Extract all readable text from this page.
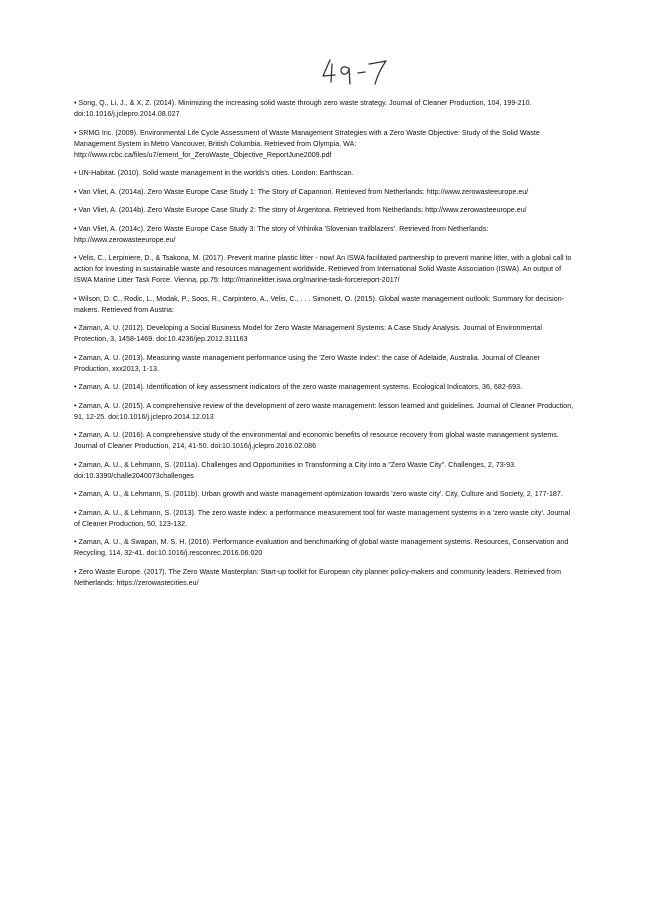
• Song, Q., Li, J., & X, Z. (2014). Minimizing the increasing solid waste through zero waste strategy. Journal of Cleaner Production, 104, 199-210. doi:10.1016/j.jclepro.2014.08.027
• SRMG Inc. (2009). Environmental Life Cycle Assessment of Waste Management Strategies with a Zero Waste Objective: Study of the Solid Waste Management System in Metro Vancouver, British Columbia. Retrieved from Olympia, WA: http://www.rcbc.ca/files/u7/ement_for_ZeroWaste_Objective_ReportJune2009.pdf
• UN-Habitat. (2010). Solid waste management in the worlds's cities. London: Earthscan.
• Van Vliet, A. (2014a). Zero Waste Europe Case Study 1: The Story of Capannori. Retrieved from Netherlands: http://www.zerowasteeurope.eu/
• Van Vliet, A. (2014b). Zero Waste Europe Case Study 2: The story of Argentona. Retrieved from Netherlands: http://www.zerowasteeurope.eu/
• Van Vliet, A. (2014c). Zero Waste Europe Case Study 3: The story of Vrhinika 'Slovenian trailblazers'. Retrieved from Netherlands: http://www.zerowasteeurope.eu/
• Velis, C., Lerpiniere, D., & Tsakona, M. (2017). Prevent marine plastic litter - now! An ISWA facilitated partnership to prevent marine litter, with a global call to action for investing in sustainable waste and resources management worldwide. Retrieved from International Solid Waste Association (ISWA). An output of ISWA Marine Litter Task Force. Vienna, pp.75: http://marinelitter.iswa.org/marine-task-forcereport-2017/
• Wilson, D. C., Rodic, L., Modak, P., Soos, R., Carpintero, A., Velis, C., . . . Simonett, O. (2015). Global waste management outlook: Summary for decision-makers. Retrieved from Austria:
• Zaman, A. U. (2012). Developing a Social Business Model for Zero Waste Management Systems: A Case Study Analysis. Journal of Environmental Protection, 3, 1458-1469. doi:10.4236/jep.2012.311163
• Zaman, A. U. (2013). Measuring waste management performance using the 'Zero Waste Index': the case of Adelaide, Australia. Journal of Cleaner Production, xxx2013, 1-13.
• Zaman, A. U. (2014). Identification of key assessment indicators of the zero waste management systems. Ecological Indicators, 36, 682-693.
• Zaman, A. U. (2015). A comprehensive review of the development of zero waste management: lesson learned and guidelines. Journal of Cleaner Production, 91, 12-25. doi:10.1016/j.jclepro.2014.12.013
• Zaman, A. U. (2016). A comprehensive study of the environmental and economic benefits of resource recovery from global waste management systems. Journal of Cleaner Production, 214, 41-50. doi:10.1016/j.jclepro.2016.02.086
• Zaman, A. U., & Lehmann, S. (2011a). Challenges and Opportunities in Transforming a City into a "Zero Waste City". Challenges, 2, 73-93. doi:10.3390/challe2040073challenges
• Zaman, A. U., & Lehmann, S. (2011b). Urban growth and waste management optimization towards 'zero waste city'. City, Culture and Society, 2, 177-187.
• Zaman, A. U., & Lehmann, S. (2013). The zero waste index: a performance measurement tool for waste management systems in a 'zero waste city'. Journal of Cleaner Production, 50, 123-132.
• Zaman, A. U., & Swapan, M. S. H. (2016). Performance evaluation and benchmarking of global waste management systems. Resources, Conservation and Recycling, 114, 32-41. doi:10.1016/j.resconrec.2016.06.020
• Zero Waste Europe. (2017). The Zero Waste Masterplan: Start-up toolkit for European city planner policy-makers and community leaders. Retrieved from Netherlands: https://zerowastecities.eu/
